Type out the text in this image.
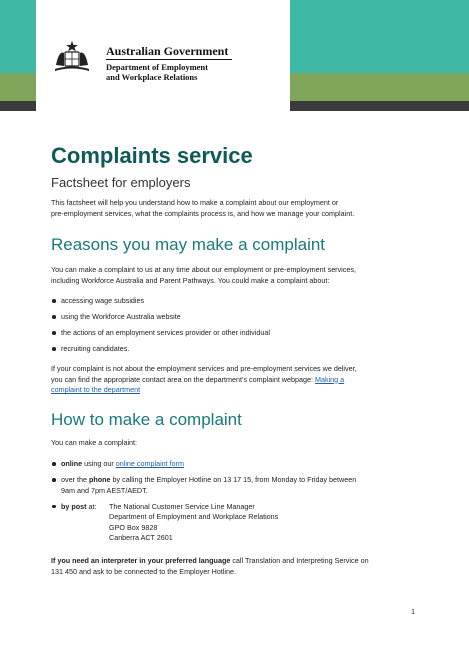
Australian Government
Department of Employment
and Workplace Relations
Complaints service
Factsheet for employers

This factsheet will help you understand how to make a complaint about our employment or

pre-employment services, what the complaints process is, and how we manage your complaint.

Reasons you may make a complaint

You can make a complaint to us at any time about our employment or pre-employment services,

including Workforce Australia and Parent Pathways. You could make a complaint about:

accessing wage subsidies
using the Workforce Australia website
the actions of an employment services provider or other individual
recruiting candidates.

If your complaint is not about the employment services and pre-employment services we deliver,

you can find the appropriate contact area on the department’s complaint webpage: Making a

complaint to the department

How to make a complaint

You can make a complaint:

online using our online complaint form
over the phone by calling the Employer Hotline on 13 17 15, from Monday to Friday between
9am and 7pm AEST/AEDT.
by post at: The National Customer Service Line Manager
Department of Employment and Workplace Relations
GPO Box 9828
Canberra ACT 2601

If you need an interpreter in your preferred language call Translation and Interpreting Service on

131 450 and ask to be connected to the Employer Hotline.

1
